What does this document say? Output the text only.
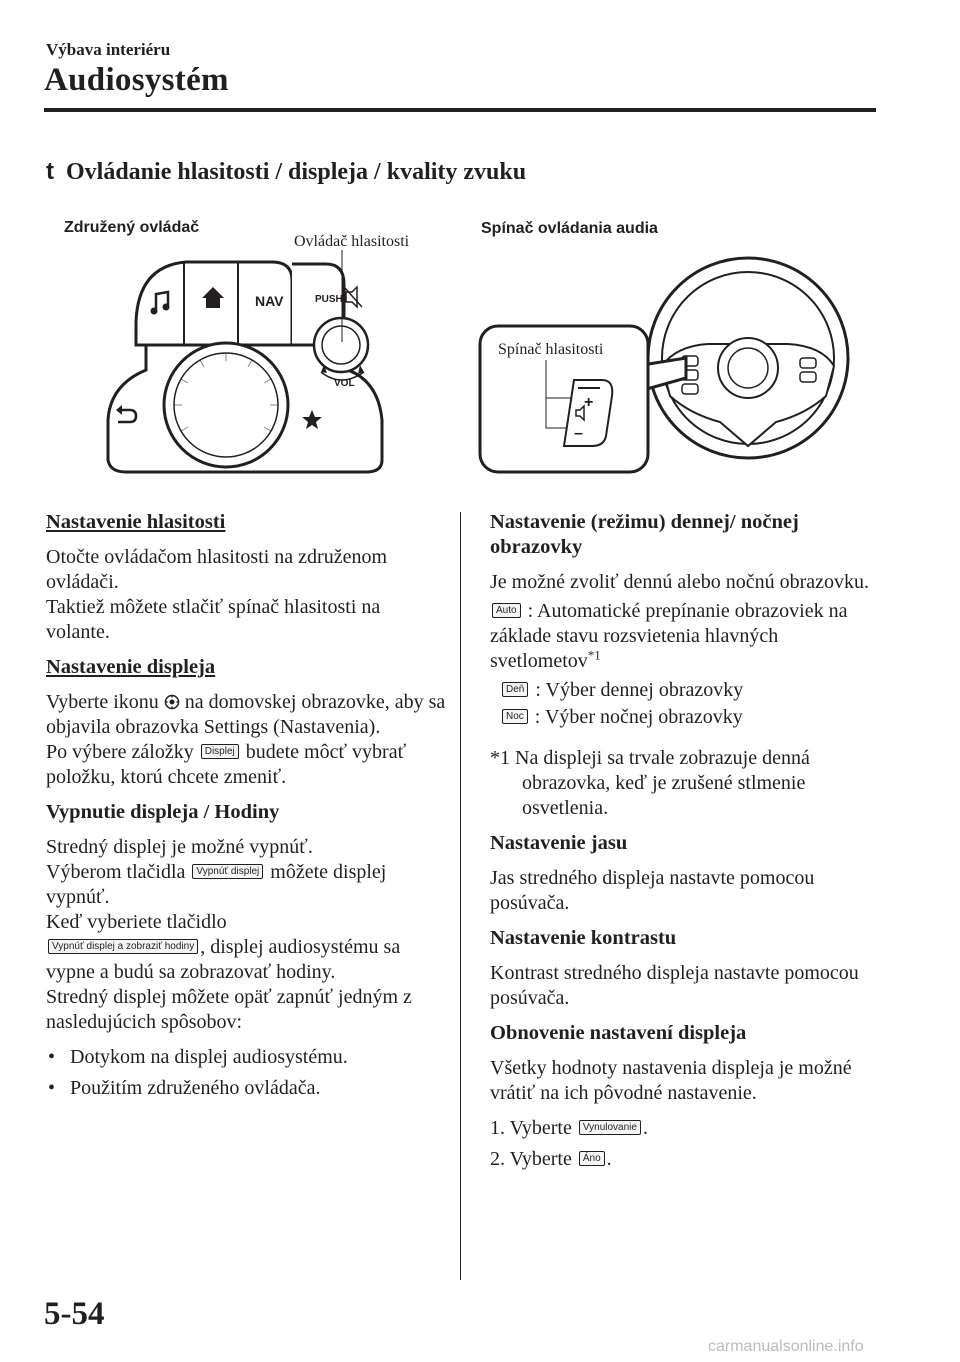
Výbava interiéru
Audiosystém
t Ovládanie hlasitosti / displeja / kvality zvuku
Združený ovládač
Ovládač hlasitosti
NAV	PUSH
VOL
Spínač ovládania audia
+
–
Spínač hlasitosti
Nastavenie hlasitosti

Otočte ovládačom hlasitosti na združenom ovládači.
Taktiež môžete stlačiť spínač hlasitosti na volante.

Nastavenie displeja

Vyberte ikonu na domovskej obrazovke, aby sa objavila obrazovka Settings (Nastavenia).
Po výbere záložky Displej budete môcť vybrať položku, ktorú chcete zmeniť.

Vypnutie displeja / Hodiny

Stredný displej je možné vypnúť.
Výberom tlačidla Vypnúť displej môžete displej vypnúť.
Keď vyberiete tlačidlo
Vypnúť displej a zobraziť hodiny , displej audiosystému sa vypne a budú sa zobrazovať hodiny.
Stredný displej môžete opäť zapnúť jedným z nasledujúcich spôsobov:

• Dotykom na displej audiosystému.
• Použitím združeného ovládača.
Nastavenie (režimu) dennej/ nočnej obrazovky

Je možné zvoliť dennú alebo nočnú obrazovku.

Auto : Automatické prepínanie obrazoviek na základe stavu rozsvietenia hlavných svetlometov$^{*1}$

Deň : Výber dennej obrazovky

Noc : Výber nočnej obrazovky

*1 Na displeji sa trvale zobrazuje denná obrazovka, keď je zrušené stlmenie osvetlenia.

Nastavenie jasu

Jas stredného displeja nastavte pomocou posúvača.

Nastavenie kontrastu

Kontrast stredného displeja nastavte pomocou posúvača.

Obnovenie nastavení displeja

Všetky hodnoty nastavenia displeja je možné vrátiť na ich pôvodné nastavenie.

1. Vyberte Vynulovanie .
2. Vyberte Áno .
5-54
carmanualsonline.info
